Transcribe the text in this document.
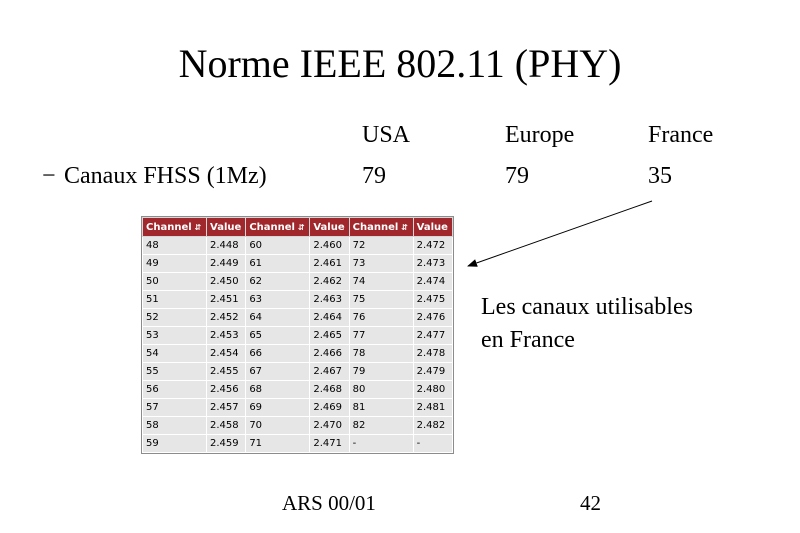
Norme IEEE 802.11 (PHY)
USA	Europe	France
− Canaux FHSS (1Mz)	79	79	35
Channel ⇵	Value	Channel ⇵	Value	Channel ⇵	Value
48	2.448	60	2.460	72	2.472
49	2.449	61	2.461	73	2.473
50	2.450	62	2.462	74	2.474
51	2.451	63	2.463	75	2.475
52	2.452	64	2.464	76	2.476
53	2.453	65	2.465	77	2.477
54	2.454	66	2.466	78	2.478
55	2.455	67	2.467	79	2.479
56	2.456	68	2.468	80	2.480
57	2.457	69	2.469	81	2.481
58	2.458	70	2.470	82	2.482
59	2.459	71	2.471	-	-
Les canaux utilisables
en France
ARS 00/01	42
